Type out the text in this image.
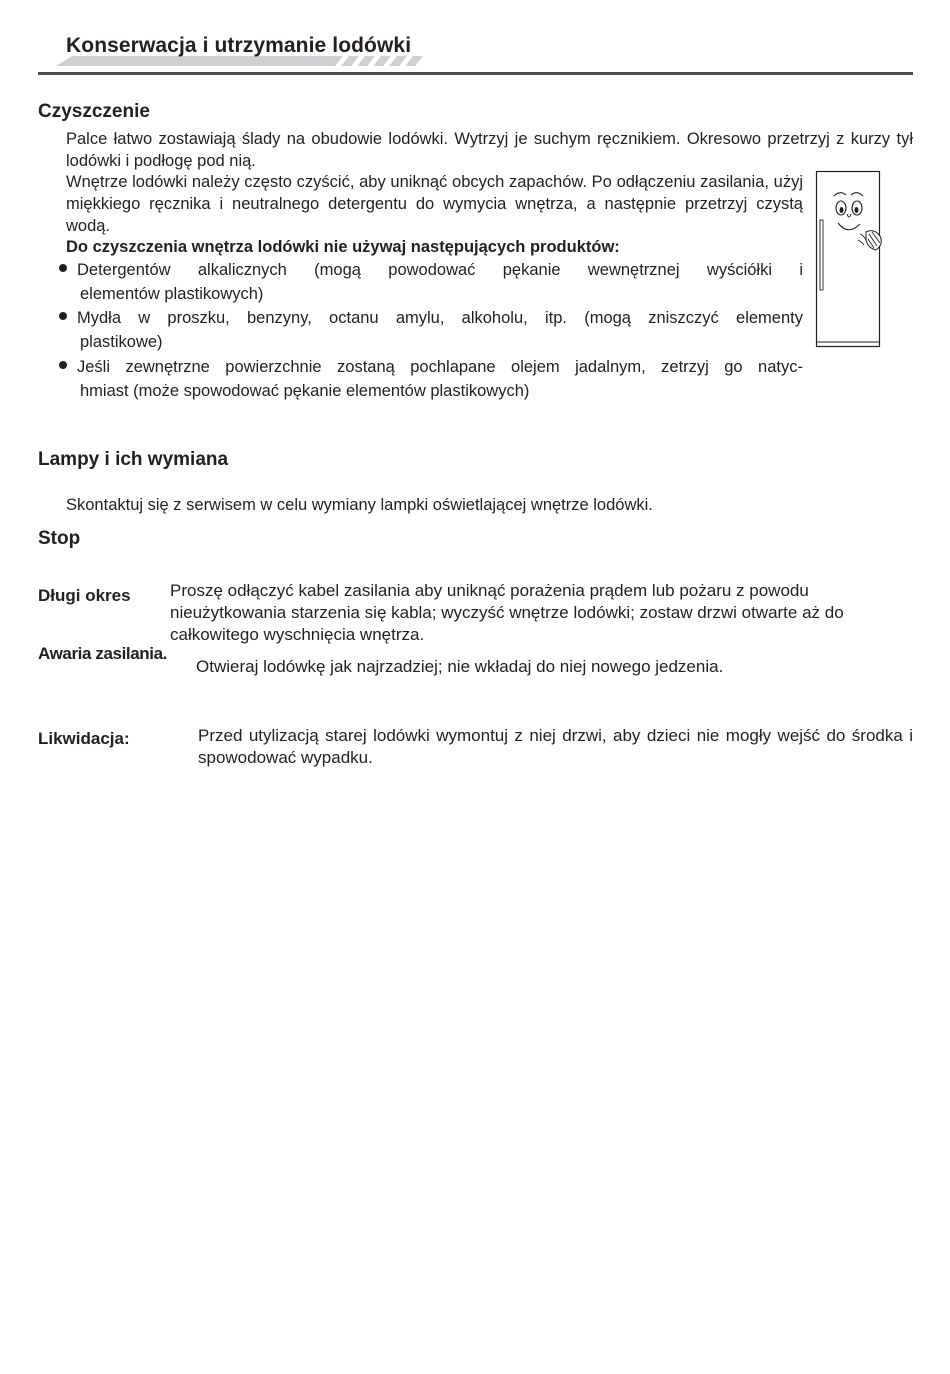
Konserwacja i utrzymanie lodówki
Czyszczenie
Palce łatwo zostawiają ślady na obudowie lodówki. Wytrzyj je suchym ręcznikiem. Okresowo przetrzyj z kurzy tył lodówki i podłogę pod nią.
Wnętrze lodówki należy często czyścić, aby uniknąć obcych zapachów. Po odłączeniu zasilania, użyj miękkiego ręcznika i neutralnego detergentu do wymycia wnętrza, a następnie przetrzyj czystą wodą.
Do czyszczenia wnętrza lodówki nie używaj następujących produktów:
Detergentów alkalicznych (mogą powodować pękanie wewnętrznej wyściółki i
elementów plastikowych)
Mydła w proszku, benzyny, octanu amylu, alkoholu, itp. (mogą zniszczyć elementy
plastikowe)
Jeśli zewnętrzne powierzchnie zostaną pochlapane olejem jadalnym, zetrzyj go natyc-
hmiast (może spowodować pękanie elementów plastikowych)
Lampy i ich wymiana
Skontaktuj się z serwisem w celu wymiany lampki oświetlającej wnętrze lodówki.
Stop
Długi okres Proszę odłączyć kabel zasilania aby uniknąć porażenia prądem lub pożaru z powodu nieużytkowania starzenia się kabla; wyczyść wnętrze lodówki; zostaw drzwi otwarte aż do całkowitego wyschnięcia wnętrza.
Awaria zasilania.
Otwieraj lodówkę jak najrzadziej; nie wkładaj do niej nowego jedzenia.
Likwidacja:	Przed utylizacją starej lodówki wymontuj z niej drzwi, aby dzieci nie mogły wejść do środka i spowodować wypadku.
